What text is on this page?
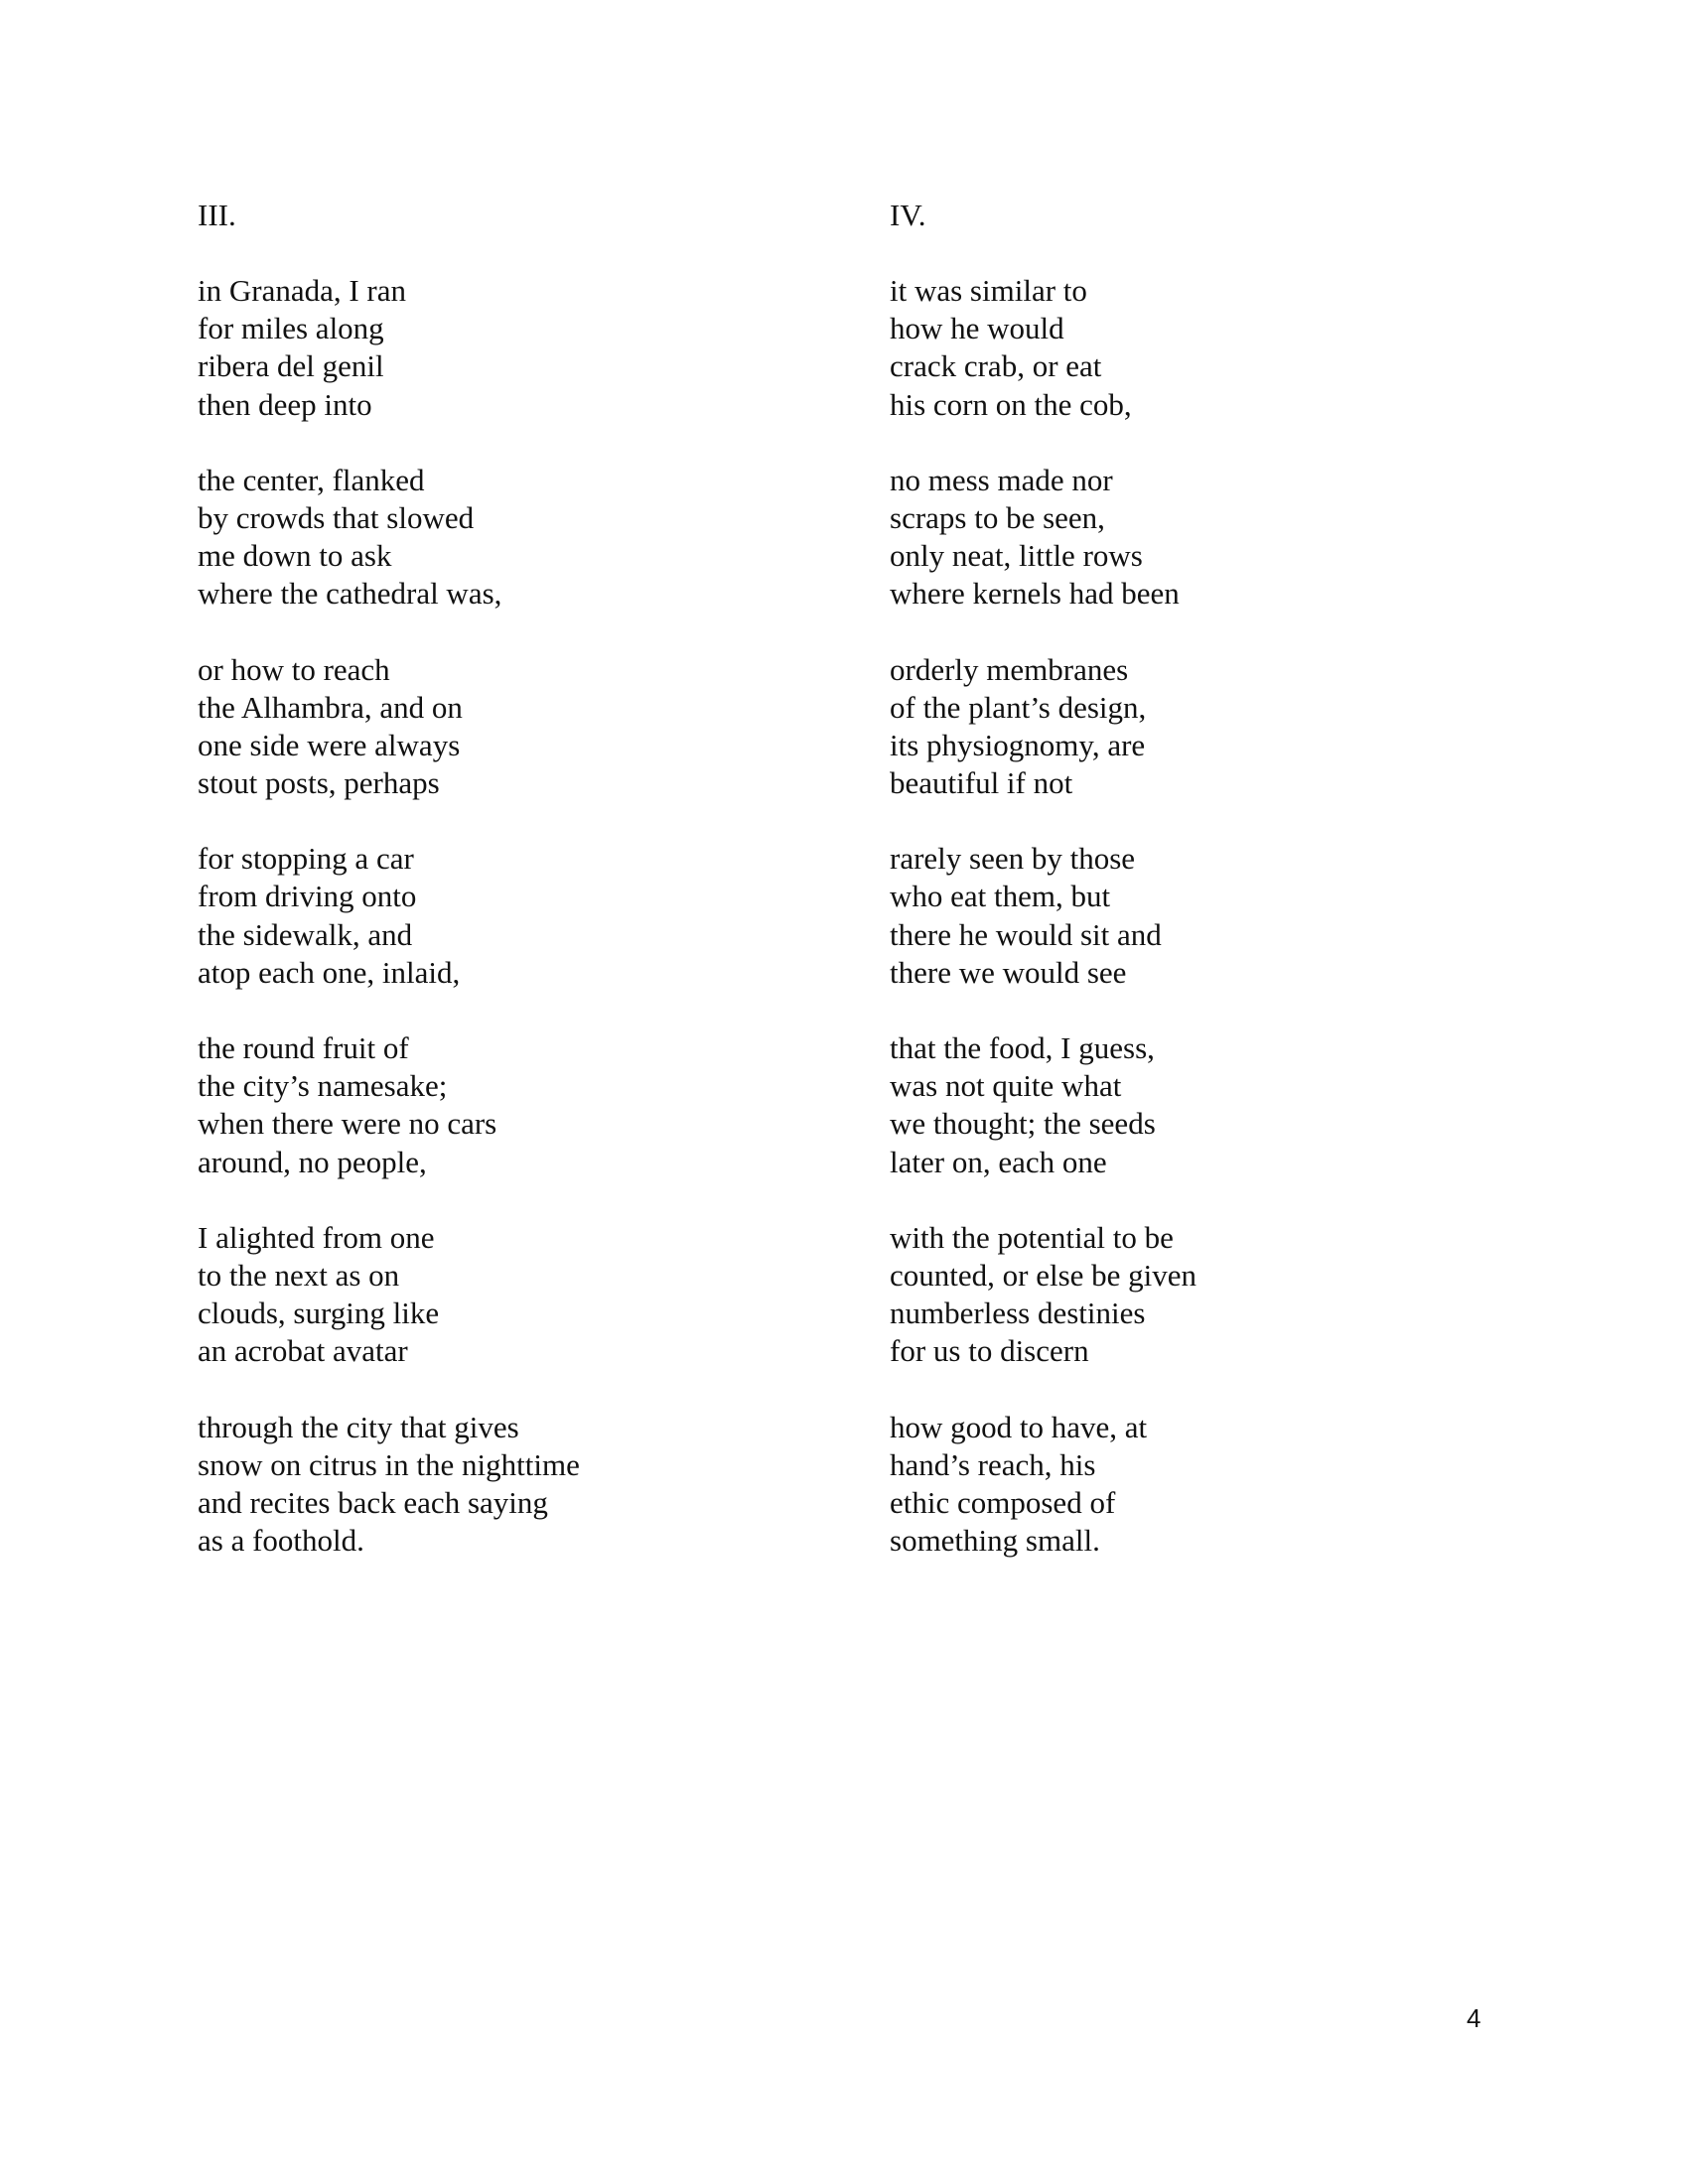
III.
in Granada, I ran
for miles along
ribera del genil
then deep into
the center, flanked
by crowds that slowed
me down to ask
where the cathedral was,
or how to reach
the Alhambra, and on
one side were always
stout posts, perhaps
for stopping a car
from driving onto
the sidewalk, and
atop each one, inlaid,
the round fruit of
the city’s namesake;
when there were no cars
around, no people,
I alighted from one
to the next as on
clouds, surging like
an acrobat avatar
through the city that gives
snow on citrus in the nighttime
and recites back each saying
as a foothold.
IV.
it was similar to
how he would
crack crab, or eat
his corn on the cob,
no mess made nor
scraps to be seen,
only neat, little rows
where kernels had been
orderly membranes
of the plant’s design,
its physiognomy, are
beautiful if not
rarely seen by those
who eat them, but
there he would sit and
there we would see
that the food, I guess,
was not quite what
we thought; the seeds
later on, each one
with the potential to be
counted, or else be given
numberless destinies
for us to discern
how good to have, at
hand’s reach, his
ethic composed of
something small.
4
